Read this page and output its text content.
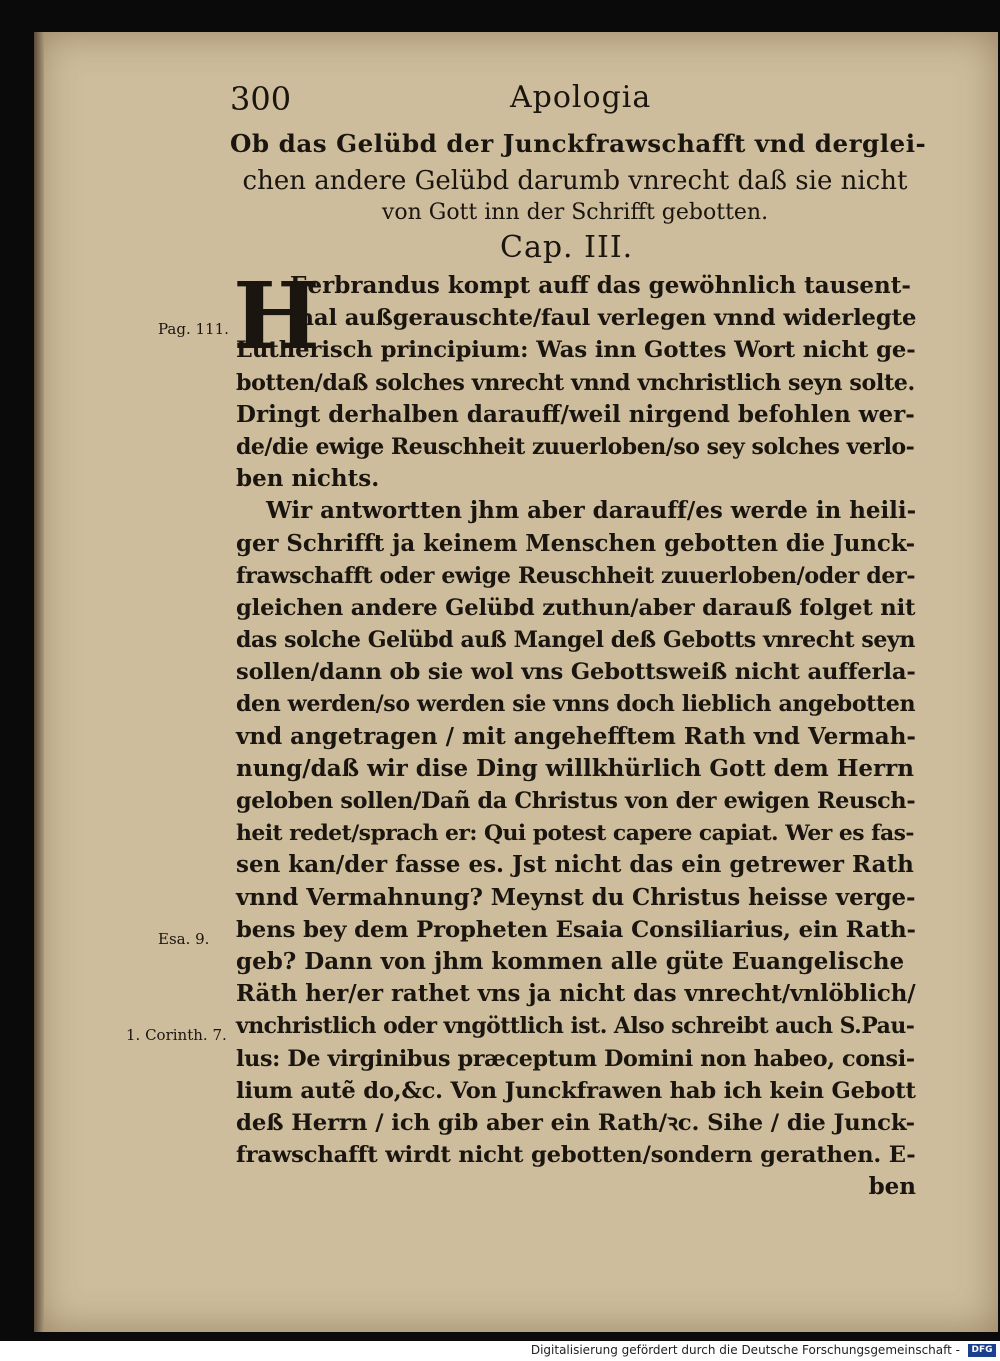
300	Apologia
Ob das Gelübd der Junckfrawschafft vnd derglei-
chen andere Gelübd darumb vnrecht daß sie nicht
von Gott inn der Schrifft gebotten.
Cap. III.
H
Eerbrandus kompt auff das gewöhnlich tausent-
mal außgerauschte/faul verlegen vnnd widerlegte
Lutherisch principium: Was inn Gottes Wort nicht ge-
botten/daß solches vnrecht vnnd vnchristlich seyn solte.
Dringt derhalben darauff/weil nirgend befohlen wer-
de/die ewige Reuschheit zuuerloben/so sey solches verlo-
ben nichts.
Wir antwortten jhm aber darauff/es werde in heili-
ger Schrifft ja keinem Menschen gebotten die Junck-
frawschafft oder ewige Reuschheit zuuerloben/oder der-
gleichen andere Gelübd zuthun/aber darauß folget nit
das solche Gelübd auß Mangel deß Gebotts vnrecht seyn
sollen/dann ob sie wol vns Gebottsweiß nicht aufferla-
den werden/so werden sie vnns doch lieblich angebotten
vnd angetragen / mit angehefftem Rath vnd Vermah-
nung/daß wir dise Ding willkhürlich Gott dem Herrn
geloben sollen/Dañ da Christus von der ewigen Reusch-
heit redet/sprach er: Qui potest capere capiat. Wer es fas-
sen kan/der fasse es. Jst nicht das ein getrewer Rath
vnnd Vermahnung? Meynst du Christus heisse verge-
bens bey dem Propheten Esaia Consiliarius, ein Rath-
geb? Dann von jhm kommen alle güte Euangelische
Räth her/er rathet vns ja nicht das vnrecht/vnlöblich/
vnchristlich oder vngöttlich ist. Also schreibt auch S.Pau-
lus: De virginibus præceptum Domini non habeo, consi-
lium autẽ do,&c. Von Junckfrawen hab ich kein Gebott
deß Herrn / ich gib aber ein Rath/ꝛc. Sihe / die Junck-
frawschafft wirdt nicht gebotten/sondern gerathen. E-
ben
Pag. 111.
Esa. 9.
1. Corinth. 7.
Digitalisierung gefördert durch die Deutsche Forschungsgemeinschaft -	DFG
